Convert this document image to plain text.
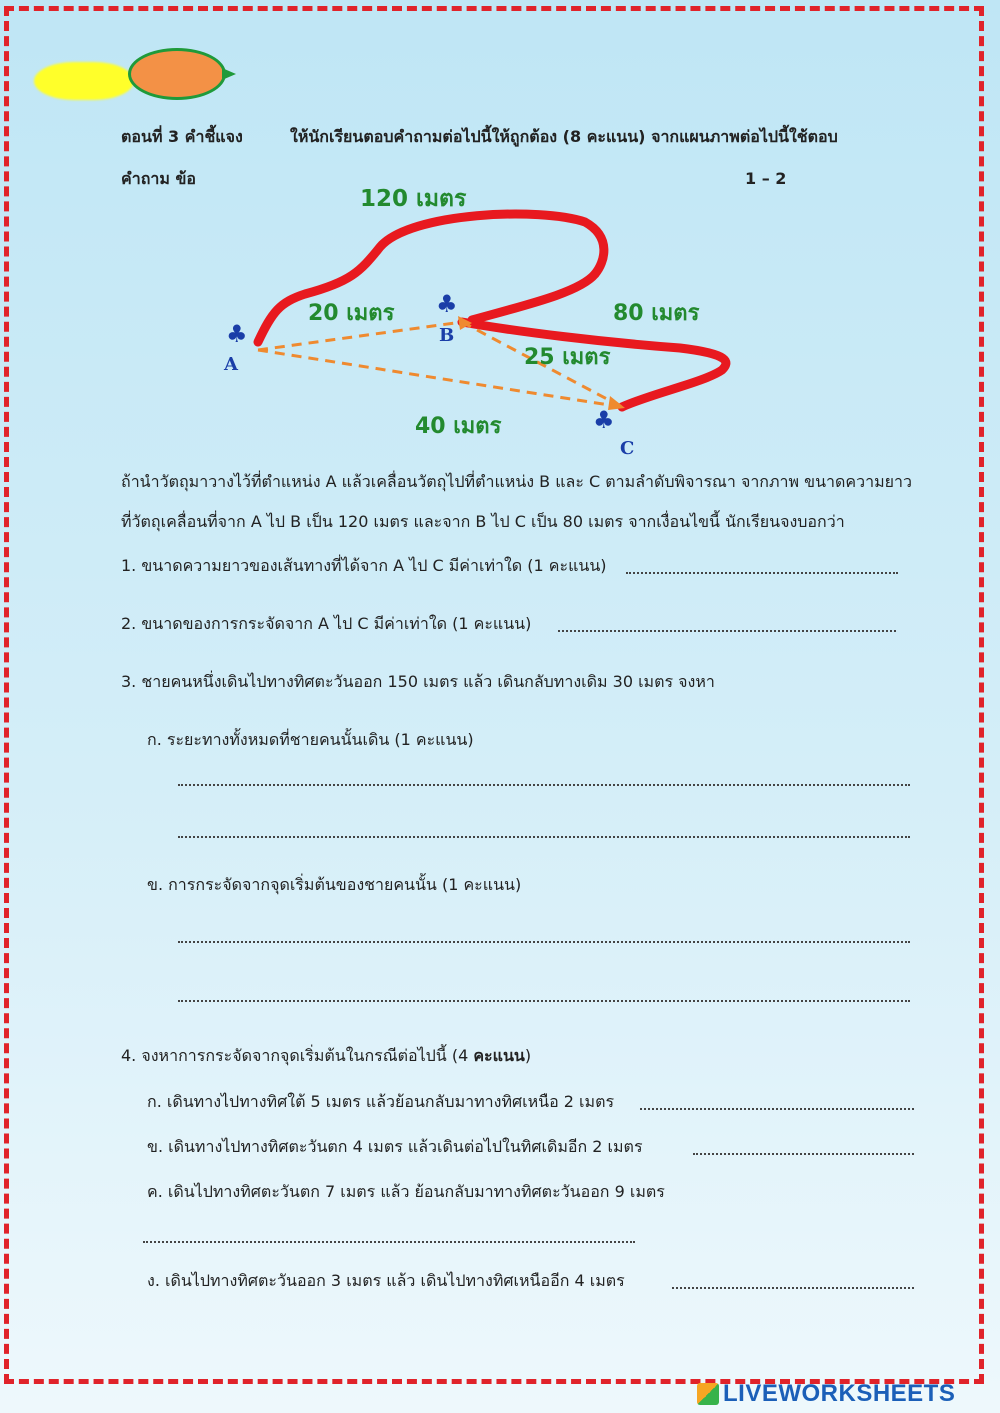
ตอนที่ 3 คำชี้แจง	ให้นักเรียนตอบคำถามต่อไปนี้ให้ถูกต้อง (8 คะแนน) จากแผนภาพต่อไปนี้ใช้ตอบ
คำถาม ข้อ	1 – 2
120 เมตร
20 เมตร	80 เมตร
25 เมตร
40 เมตร
♣
A
♣
B
♣
C
ถ้านำวัตถุมาวางไว้ที่ตำแหน่ง A แล้วเคลื่อนวัตถุไปที่ตำแหน่ง B และ C ตามลำดับพิจารณา จากภาพ ขนาดความยาว
ที่วัตถุเคลื่อนที่จาก A ไป B เป็น 120 เมตร และจาก B ไป C เป็น 80 เมตร จากเงื่อนไขนี้ นักเรียนจงบอกว่า
1. ขนาดความยาวของเส้นทางที่ได้จาก A ไป C มีค่าเท่าใด (1 คะแนน)
2. ขนาดของการกระจัดจาก A ไป C มีค่าเท่าใด (1 คะแนน)
3. ชายคนหนึ่งเดินไปทางทิศตะวันออก 150 เมตร แล้ว เดินกลับทางเดิม 30 เมตร จงหา
ก. ระยะทางทั้งหมดที่ชายคนนั้นเดิน (1 คะแนน)
ข. การกระจัดจากจุดเริ่มต้นของชายคนนั้น (1 คะแนน)
4. จงหาการกระจัดจากจุดเริ่มต้นในกรณีต่อไปนี้ (4 คะแนน)
ก. เดินทางไปทางทิศใต้ 5 เมตร แล้วย้อนกลับมาทางทิศเหนือ 2 เมตร
ข. เดินทางไปทางทิศตะวันตก 4 เมตร แล้วเดินต่อไปในทิศเดิมอีก 2 เมตร
ค. เดินไปทางทิศตะวันตก 7 เมตร แล้ว ย้อนกลับมาทางทิศตะวันออก 9 เมตร
ง. เดินไปทางทิศตะวันออก 3 เมตร แล้ว เดินไปทางทิศเหนืออีก 4 เมตร
LIVEWORKSHEETS
